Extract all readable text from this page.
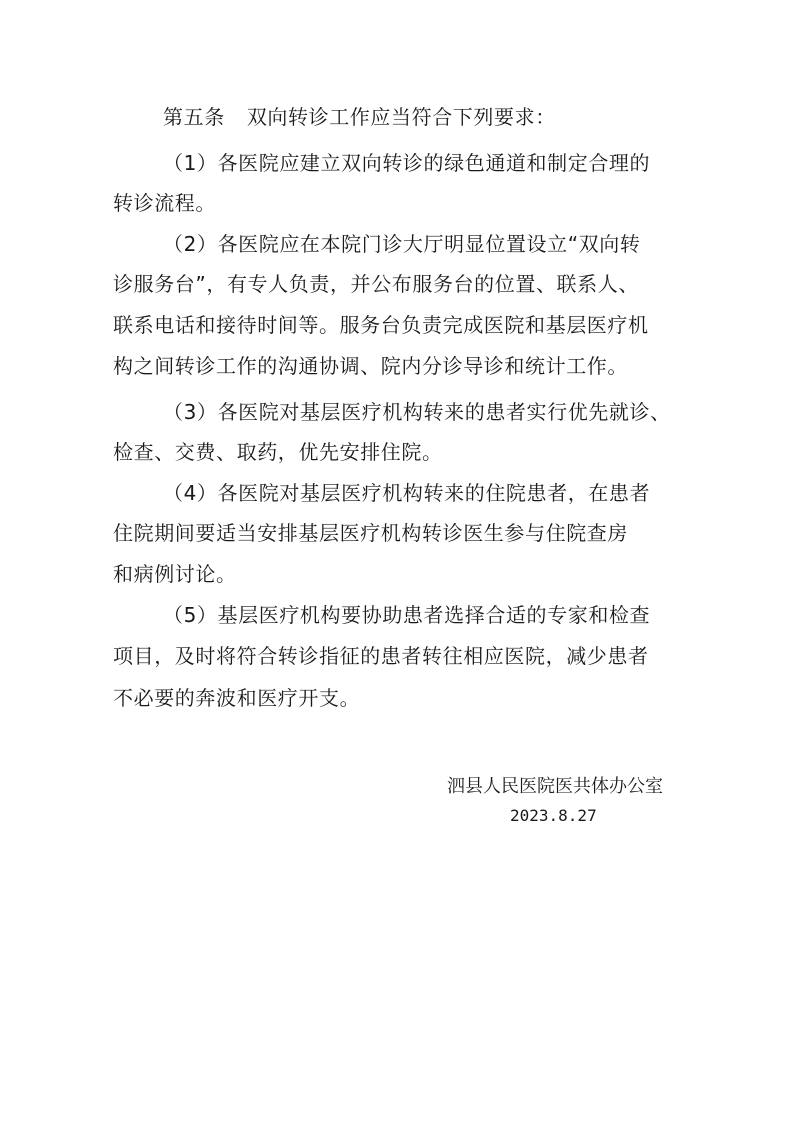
第五条 双向转诊工作应当符合下列要求：
（1）各医院应建立双向转诊的绿色通道和制定合理的
转诊流程。
（2）各医院应在本院门诊大厅明显位置设立“双向转
诊服务台”，有专人负责，并公布服务台的位置、联系人、
联系电话和接待时间等。服务台负责完成医院和基层医疗机
构之间转诊工作的沟通协调、院内分诊导诊和统计工作。
（3）各医院对基层医疗机构转来的患者实行优先就诊、
检查、交费、取药，优先安排住院。
（4）各医院对基层医疗机构转来的住院患者，在患者
住院期间要适当安排基层医疗机构转诊医生参与住院查房
和病例讨论。
（5）基层医疗机构要协助患者选择合适的专家和检查
项目，及时将符合转诊指征的患者转往相应医院，减少患者
不必要的奔波和医疗开支。
泗县人民医院医共体办公室
2023.8.27
